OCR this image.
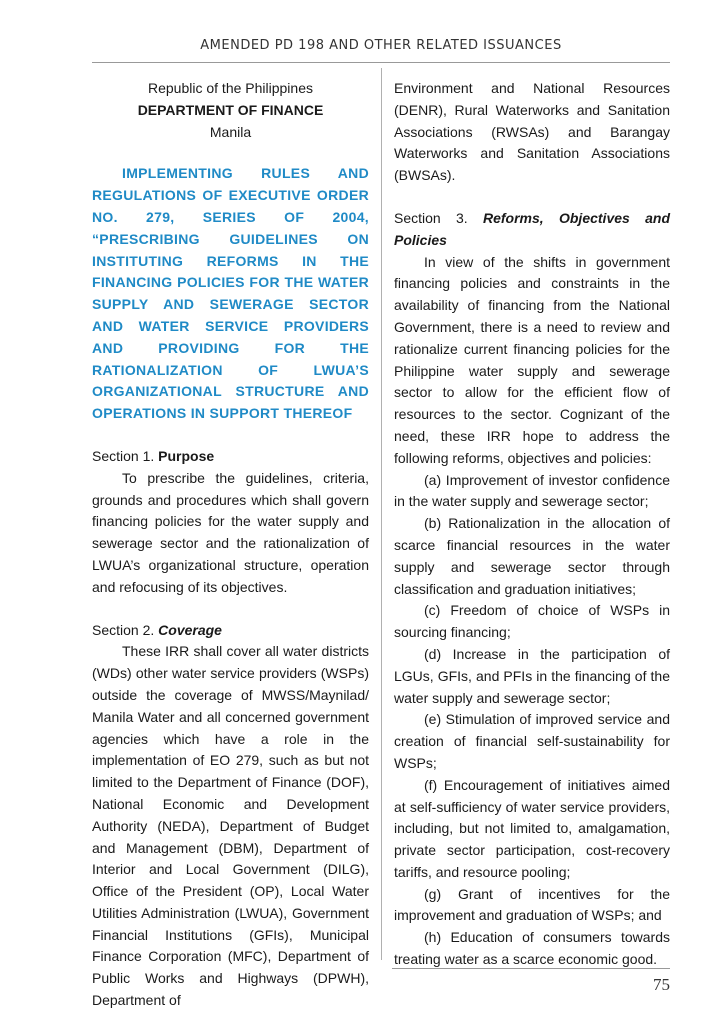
AMENDED PD 198 AND OTHER RELATED ISSUANCES
Republic of the Philippines
DEPARTMENT OF FINANCE
Manila

IMPLEMENTING RULES AND REGULATIONS OF EXECUTIVE ORDER NO. 279, SERIES OF 2004, “PRESCRIBING GUIDELINES ON INSTITUTING REFORMS IN THE FINANCING POLICIES FOR THE WATER SUPPLY AND SEWERAGE SECTOR AND WATER SERVICE PROVIDERS AND PROVIDING FOR THE RATIONALIZATION OF LWUA’S ORGANIZATIONAL STRUCTURE AND OPERATIONS IN SUPPORT THEREOF

Section 1. Purpose

To prescribe the guidelines, criteria, grounds and procedures which shall govern financing policies for the water supply and sewerage sector and the rationalization of LWUA’s organizational structure, operation and refocusing of its objectives.

Section 2. Coverage

These IRR shall cover all water districts (WDs) other water service providers (WSPs) outside the coverage of MWSS/Maynilad/ Manila Water and all concerned government agencies which have a role in the implementation of EO 279, such as but not limited to the Department of Finance (DOF), National Economic and Development Authority (NEDA), Department of Budget and Management (DBM), Department of Interior and Local Government (DILG), Office of the President (OP), Local Water Utilities Administration (LWUA), Government Financial Institutions (GFIs), Municipal Finance Corporation (MFC), Department of Public Works and Highways (DPWH), Department of

Environment and National Resources (DENR), Rural Waterworks and Sanitation Associations (RWSAs) and Barangay Waterworks and Sanitation Associations (BWSAs).

Section 3. Reforms, Objectives and Policies

In view of the shifts in government financing policies and constraints in the availability of financing from the National Government, there is a need to review and rationalize current financing policies for the Philippine water supply and sewerage sector to allow for the efficient flow of resources to the sector. Cognizant of the need, these IRR hope to address the following reforms, objectives and policies:

(a) Improvement of investor confidence in the water supply and sewerage sector;

(b) Rationalization in the allocation of scarce financial resources in the water supply and sewerage sector through classification and graduation initiatives;

(c) Freedom of choice of WSPs in sourcing financing;

(d) Increase in the participation of LGUs, GFIs, and PFIs in the financing of the water supply and sewerage sector;

(e) Stimulation of improved service and creation of financial self-sustainability for WSPs;

(f) Encouragement of initiatives aimed at self-sufficiency of water service providers, including, but not limited to, amalgamation, private sector participation, cost-recovery tariffs, and resource pooling;

(g) Grant of incentives for the improvement and graduation of WSPs; and

(h) Education of consumers towards treating water as a scarce economic good.

75
